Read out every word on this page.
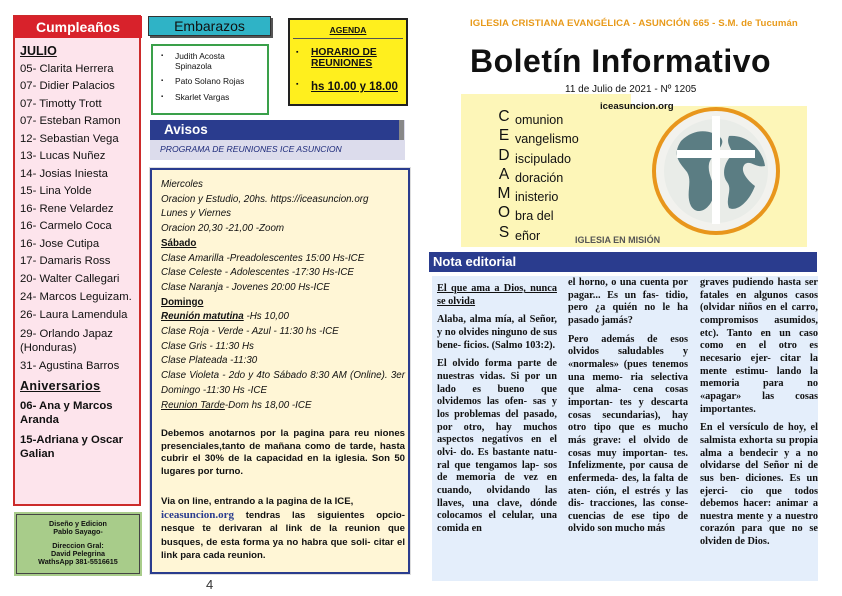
Cumpleaños
JULIO
05- Clarita Herrera
07- Didier Palacios
07- Timotty Trott
07- Esteban Ramon
12- Sebastian Vega
13- Lucas Nuñez
14- Josias Iniesta
15- Lina Yolde
16- Rene Velardez
16- Carmelo Coca
16- Jose Cutipa
17- Damaris Ross
20- Walter Callegari
24- Marcos Leguizam.
26- Laura Lamendula
29- Orlando Japaz (Honduras)
31- Agustina Barros
Aniversarios
06- Ana y Marcos Aranda
15-Adriana y Oscar Galian
Diseño y Edicion
Pablo Sayago-
Direccion Gral:
David Pelegrina
WathsApp 381-5516615
Embarazos
▪ Judith Acosta Spinazola
▪ Pato Solano Rojas
▪ Skarlet Vargas
AGENDA
▪ HORARIO DE REUNIONES
▪ hs 10.00 y 18.00
Avisos
PROGRAMA DE REUNIONES ICE ASUNCION
Miercoles
Oracion y Estudio, 20hs. https://iceasuncion.org
Lunes y Viernes
Oracion 20,30 -21,00 -Zoom
Sábado
Clase Amarilla -Preadolescentes 15:00 Hs-ICE
Clase Celeste - Adolescentes -17:30 Hs-ICE
Clase Naranja - Jovenes 20:00 Hs-ICE
Domingo
Reunión matutina -Hs 10,00
Clase Roja - Verde - Azul - 11:30 hs -ICE
Clase Gris - 11:30 Hs
Clase Plateada -11:30
Clase Violeta - 2do y 4to Sábado 8:30 AM (Online). 3er Domingo -11:30 Hs -ICE
Reunion Tarde-Dom hs 18,00 -ICE
Debemos anotarnos por la pagina para reu niones presenciales,tanto de mañana como de tarde, hasta cubrir el 30% de la capacidad en la iglesia. Son 50 lugares por turno.
Via on line, entrando a la pagina de la ICE,
iceasuncion.org tendras las siguientes opcio- nesque te derivaran al link de la reunion que busques, de esta forma ya no habra que soli- citar el link para cada reunion.
4
IGLESIA CRISTIANA EVANGÉLICA - ASUNCIÓN 665 - S.M. de Tucumán
Boletín Informativo
C
E
D
A
M
O
S
omunion
vangelismo
iscipulado
doración
inisterio
bra del
eñor	IGLESIA EN MISIÓN
11 de Julio de 2021 - Nº 1205
iceasuncion.org
Nota editorial

El que ama a Dios, nunca se olvida

Alaba, alma mía, al Señor, y no olvides ninguno de sus bene- ficios. (Salmo 103:2).

El olvido forma parte de nuestras vidas. Si por un lado es bueno que olvidemos las ofen- sas y los problemas del pasado, por otro, hay muchos aspectos negativos en el olvi- do. Es bastante natu- ral que tengamos lap- sos de memoria de vez en cuando, olvidando las llaves, una clave, dónde colocamos el celular, una comida en

el horno, o una cuenta por pagar... Es un fas- tidio, pero ¿a quién no le ha pasado jamás?

Pero además de esos olvidos saludables y «normales» (pues tenemos una memo- ria selectiva que alma- cena cosas importan- tes y descarta cosas secundarias), hay otro tipo que es mucho más grave: el olvido de cosas muy importan- tes. Infelizmente, por causa de enfermeda- des, la falta de aten- ción, el estrés y las dis- tracciones, las conse- cuencias de ese tipo de olvido son mucho más

graves pudiendo hasta ser fatales en algunos casos (olvidar niños en el carro, compromisos asumidos, etc). Tanto en un caso como en el otro es necesario ejer- citar la mente estimu- lando la memoria para no «apagar» las cosas importantes.

En el versículo de hoy, el salmista exhorta su propia alma a bendecir y a no olvidarse del Señor ni de sus ben- diciones. Es un ejerci- cio que todos debemos hacer: animar a nuestra mente y a nuestro corazón para que no se olviden de Dios.
